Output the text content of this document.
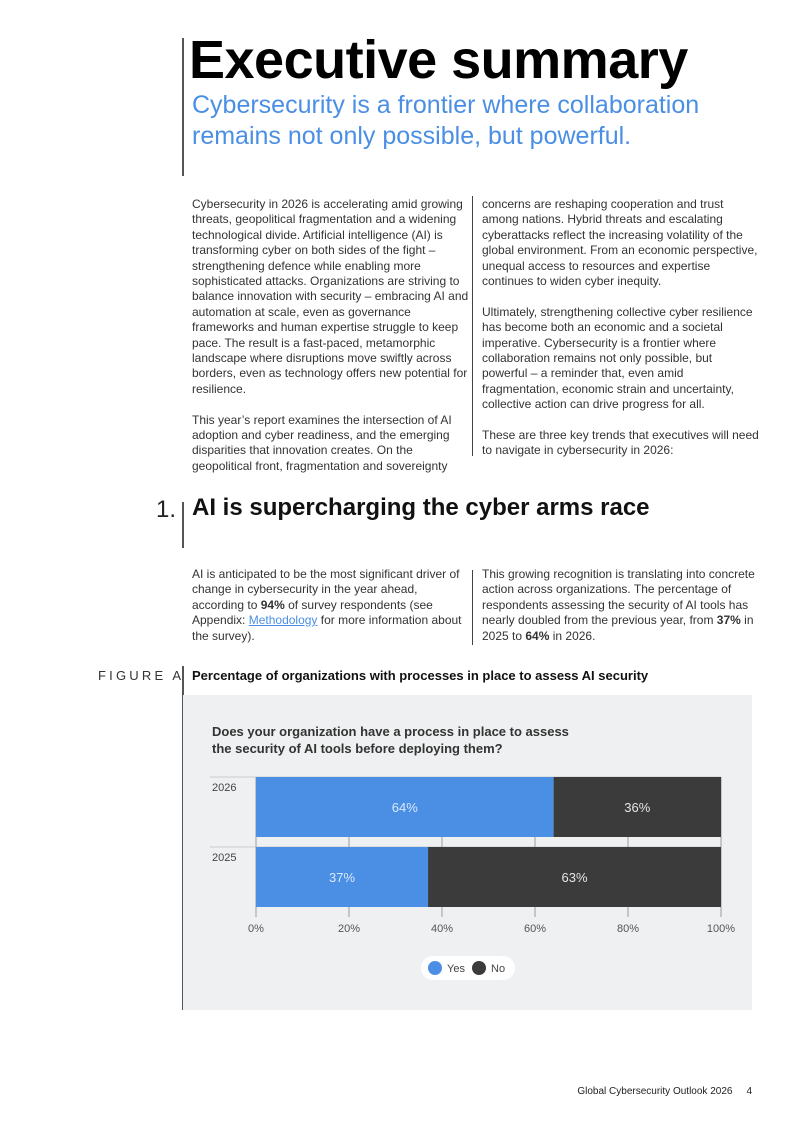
Executive summary
Cybersecurity is a frontier where collaboration remains not only possible, but powerful.

Cybersecurity in 2026 is accelerating amid growing threats, geopolitical fragmentation and a widening technological divide. Artificial intelligence (AI) is transforming cyber on both sides of the fight – strengthening defence while enabling more sophisticated attacks. Organizations are striving to balance innovation with security – embracing AI and automation at scale, even as governance frameworks and human expertise struggle to keep pace. The result is a fast-paced, metamorphic landscape where disruptions move swiftly across borders, even as technology offers new potential for resilience.

This year’s report examines the intersection of AI adoption and cyber readiness, and the emerging disparities that innovation creates. On the geopolitical front, fragmentation and sovereignty

concerns are reshaping cooperation and trust among nations. Hybrid threats and escalating cyberattacks reflect the increasing volatility of the global environment. From an economic perspective, unequal access to resources and expertise continues to widen cyber inequity.

Ultimately, strengthening collective cyber resilience has become both an economic and a societal imperative. Cybersecurity is a frontier where collaboration remains not only possible, but powerful – a reminder that, even amid fragmentation, economic strain and uncertainty, collective action can drive progress for all.

These are three key trends that executives will need to navigate in cybersecurity in 2026:

1. AI is supercharging the cyber arms race

AI is anticipated to be the most significant driver of change in cybersecurity in the year ahead, according to 94% of survey respondents (see Appendix: Methodology for more information about the survey).

This growing recognition is translating into concrete action across organizations. The percentage of respondents assessing the security of AI tools has nearly doubled from the previous year, from 37% in 2025 to 64% in 2026.

FIGURE A Percentage of organizations with processes in place to assess AI security
Does your organization have a process in place to assess the security of AI tools before deploying them?
0%	20%	40%	60%	80%	100%
2026
64%	36%
2025
37%	63%
Yes No
Global Cybersecurity Outlook 2026 4
